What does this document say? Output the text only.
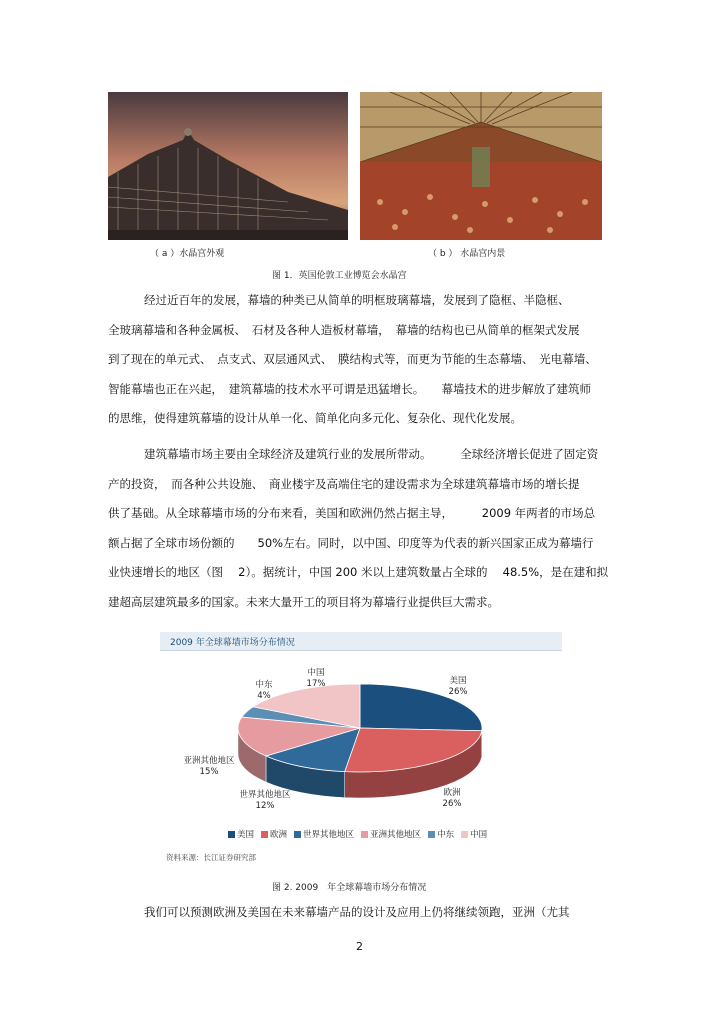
（ a ）水晶宫外观	（ b ） 水晶宫内景
图 1．英国伦敦工业博览会水晶宫
经过近百年的发展，幕墙的种类已从简单的明框玻璃幕墙，发展到了隐框、半隐框、
全玻璃幕墙和各种金属板、　石材及各种人造板材幕墙，　幕墙的结构也已从简单的框架式发展
到了现在的单元式、　点支式、双层通风式、　膜结构式等，而更为节能的生态幕墙、　光电幕墙、
智能幕墙也正在兴起，　建筑幕墙的技术水平可谓是迅猛增长。　　幕墙技术的进步解放了建筑师
的思维，使得建筑幕墙的设计从单一化、简单化向多元化、复杂化、现代化发展。
建筑幕墙市场主要由全球经济及建筑行业的发展所带动。　　　全球经济增长促进了固定资
产的投资，　而各种公共设施、　商业楼宇及高端住宅的建设需求为全球建筑幕墙市场的增长提
供了基础。从全球幕墙市场的分布来看，美国和欧洲仍然占据主导，　　　2009 年两者的市场总
额占据了全球市场份额的　　50%左右。同时，以中国、印度等为代表的新兴国家正成为幕墙行
业快速增长的地区（图　 2）。据统计，中国 200 米以上建筑数量占全球的　 48.5%，是在建和拟
建超高层建筑最多的国家。未来大量开工的项目将为幕墙行业提供巨大需求。
2009 年全球幕墙市场分布情况
美国
26%
中国
17%
中东
4%
亚洲其他地区
15%
世界其他地区
12%
欧洲
26%
美国 欧洲 世界其他地区 亚洲其他地区 中东 中国
资料来源：长江证券研究部
图 2. 2009　年全球幕墙市场分布情况
我们可以预测欧洲及美国在未来幕墙产品的设计及应用上仍将继续领跑，亚洲（尤其
2
